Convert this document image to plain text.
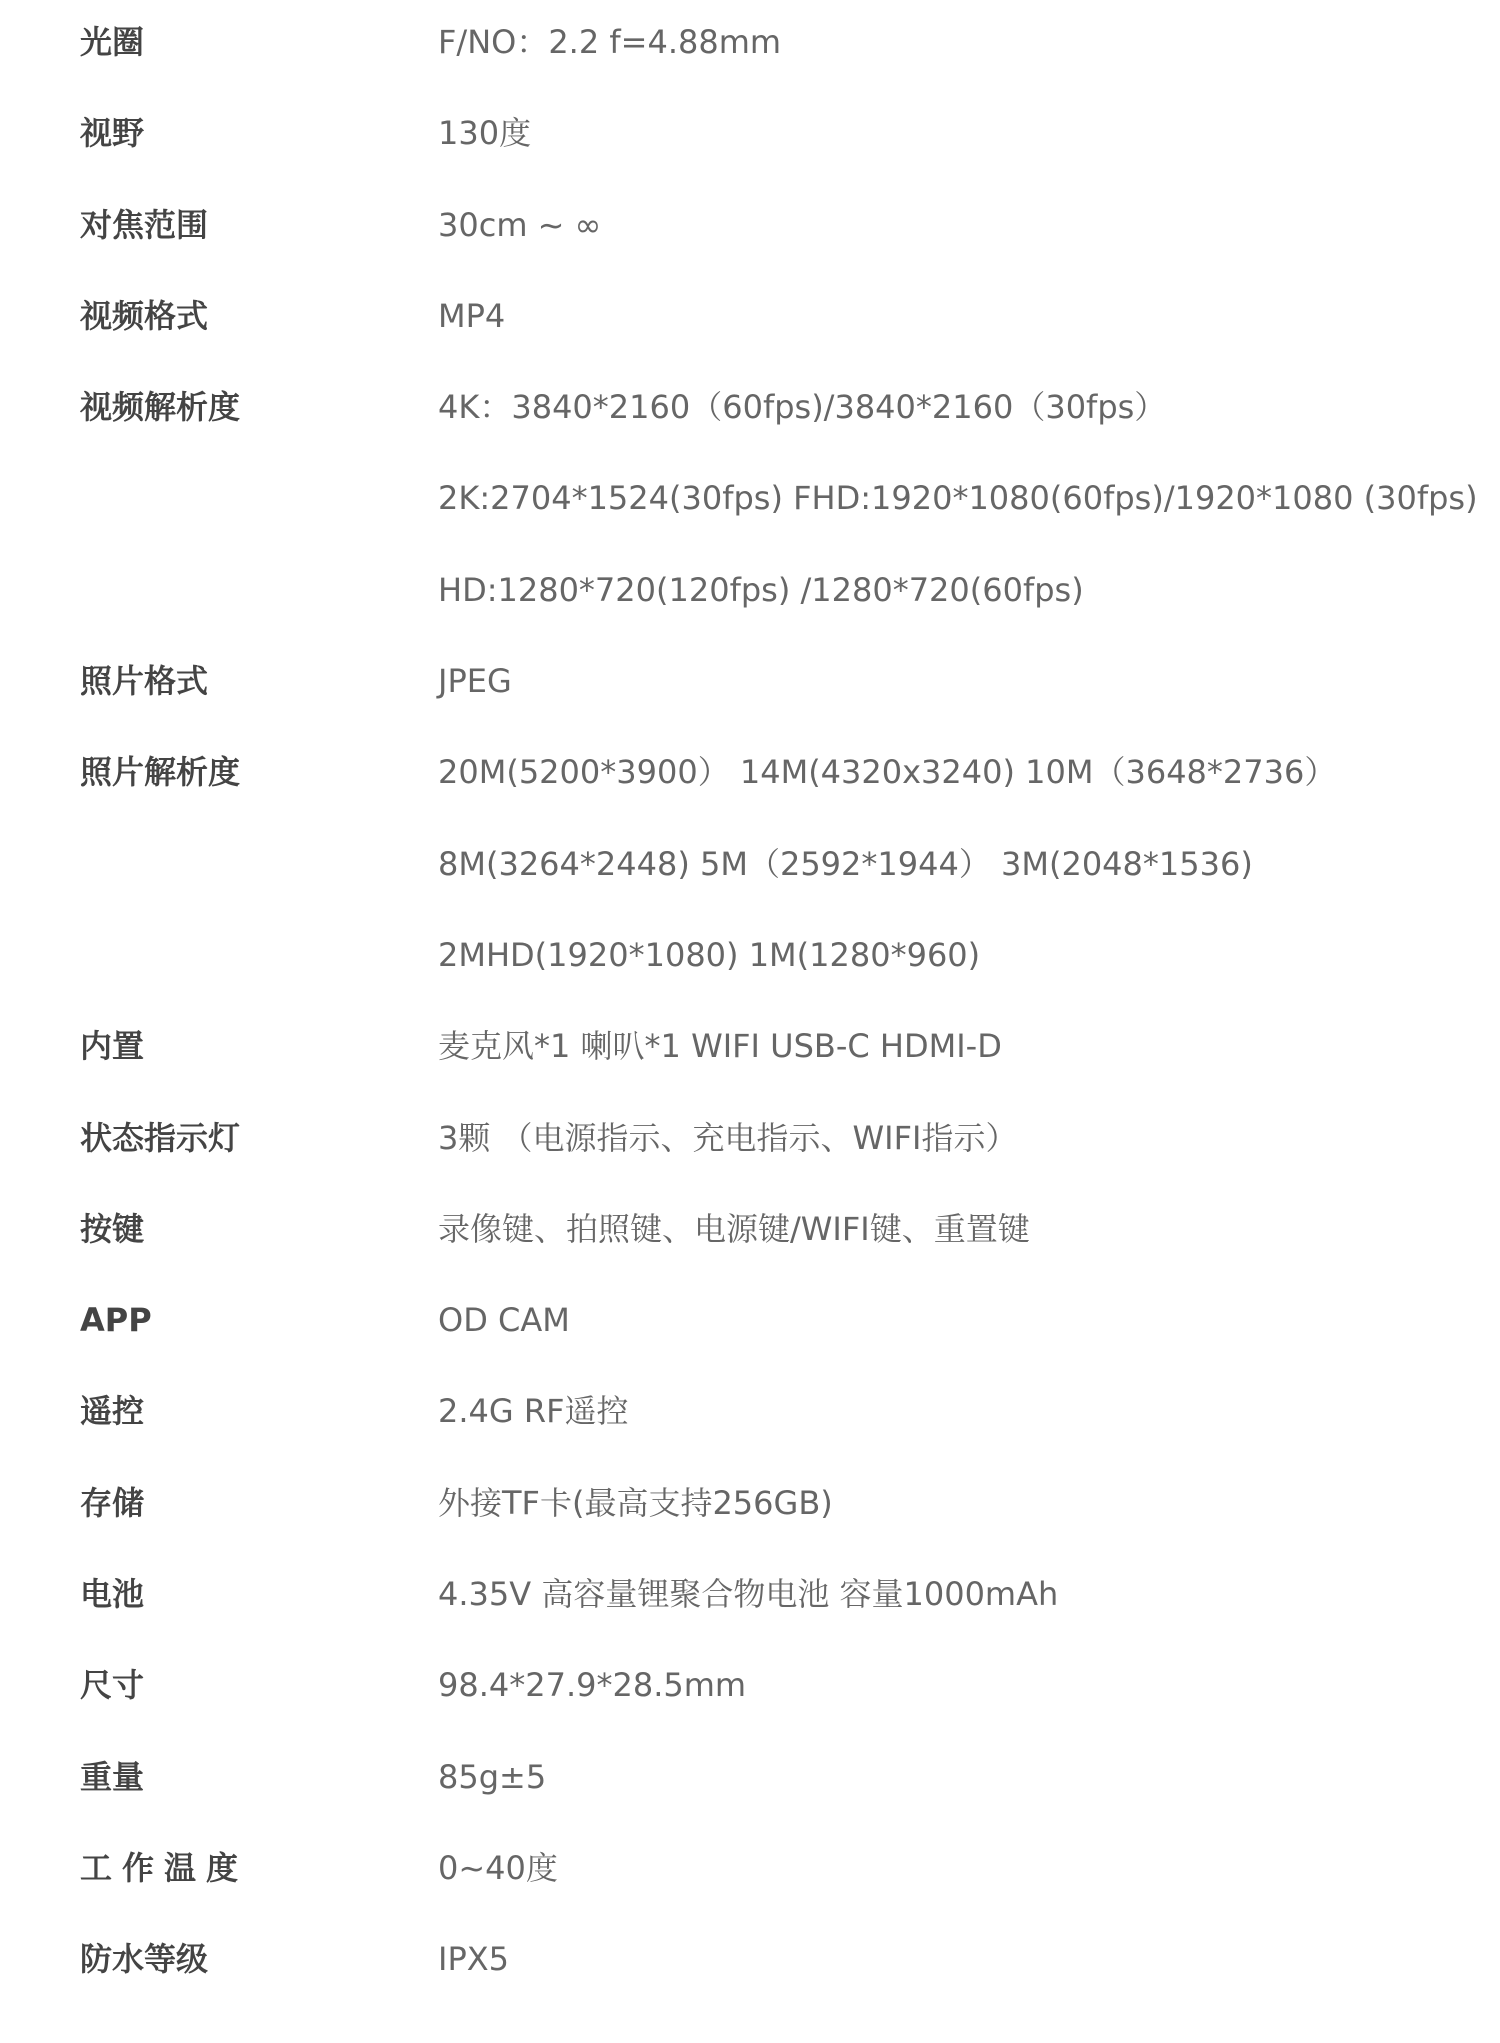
光圈	F/NO：2.2 f=4.88mm
视野	130度
对焦范围	30cm ~ ∞
视频格式	MP4
视频解析度	4K：3840*2160（60fps)/3840*2160（30fps）
2K:2704*1524(30fps) FHD:1920*1080(60fps)/1920*1080 (30fps)
HD:1280*720(120fps) /1280*720(60fps)
照片格式	JPEG
照片解析度	20M(5200*3900） 14M(4320x3240) 10M（3648*2736）
8M(3264*2448) 5M（2592*1944） 3M(2048*1536)
2MHD(1920*1080) 1M(1280*960)
内置	麦克风*1 喇叭*1 WIFI USB-C HDMI-D
状态指示灯	3颗 （电源指示、充电指示、WIFI指示）
按键	录像键、拍照键、电源键/WIFI键、重置键
APP	OD CAM
遥控	2.4G RF遥控
存储	外接TF卡(最高支持256GB)
电池	4.35V 高容量锂聚合物电池 容量1000mAh
尺寸	98.4*27.9*28.5mm
重量	85g±5
工作温度	0~40度
防水等级	IPX5
